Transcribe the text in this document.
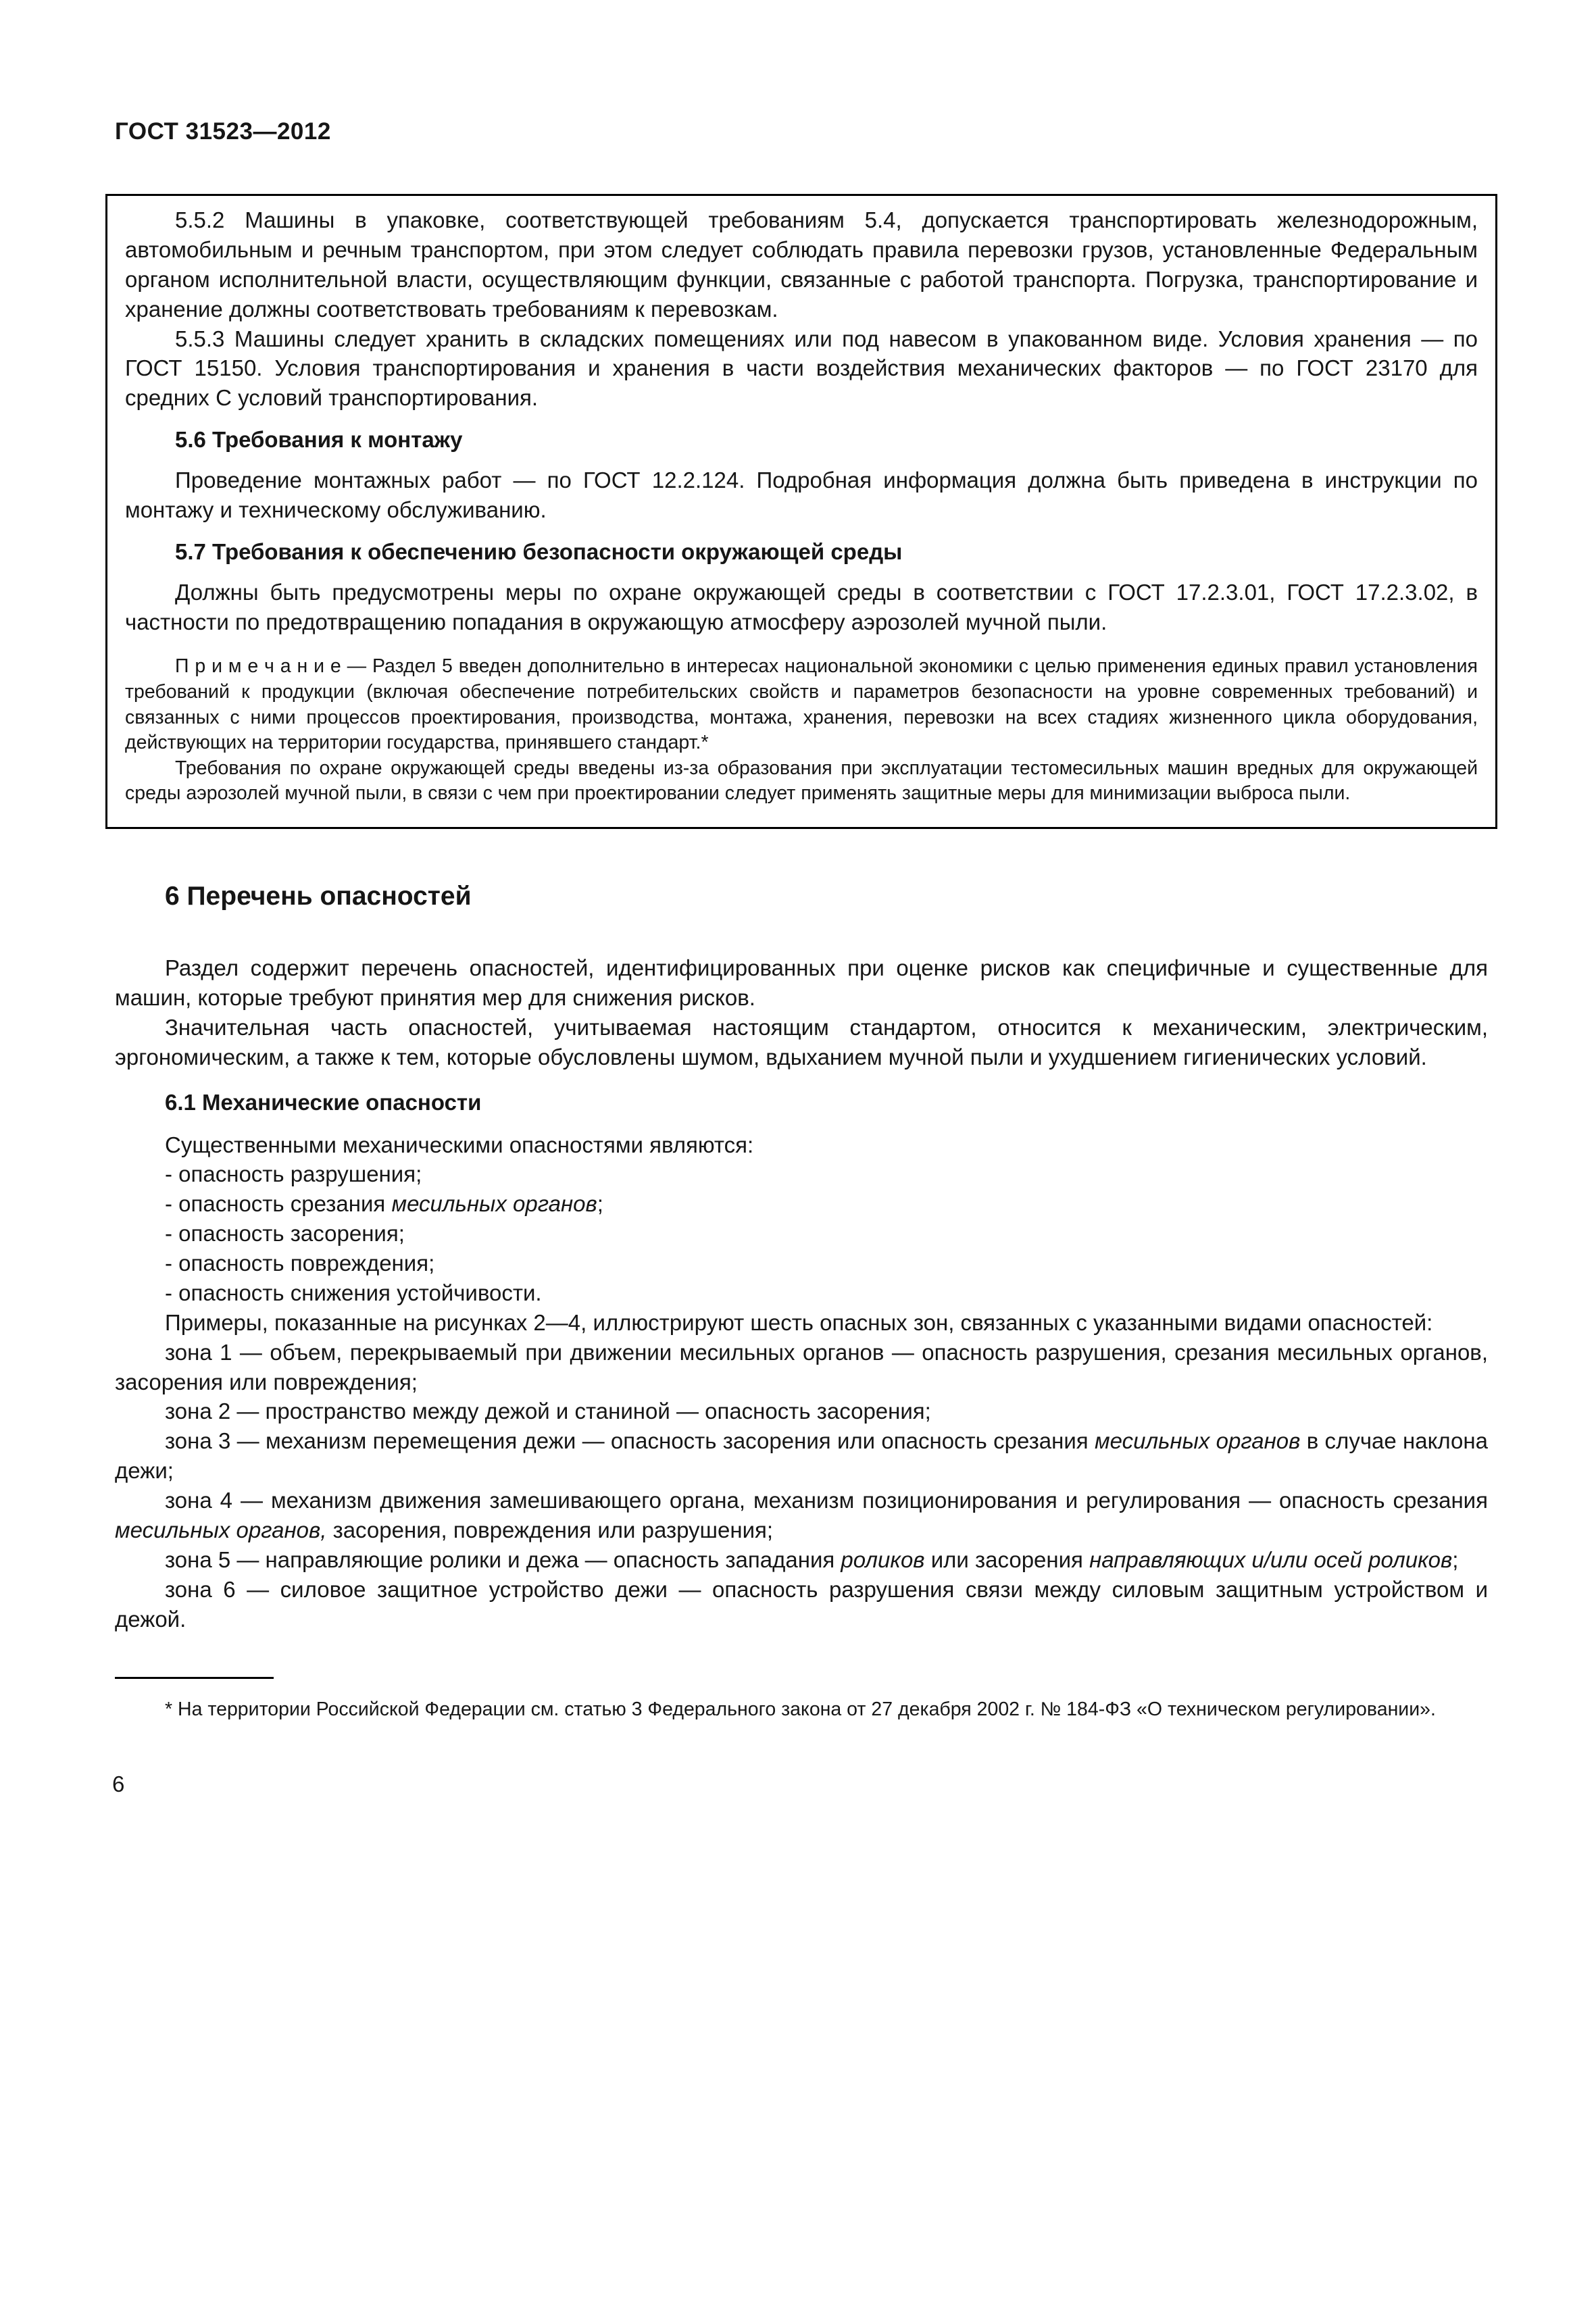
ГОСТ 31523—2012

5.5.2 Машины в упаковке, соответствующей требованиям 5.4, допускается транспортировать железнодорожным, автомобильным и речным транспортом, при этом следует соблюдать правила перевозки грузов, установленные Федеральным органом исполнительной власти, осуществляющим функции, связанные с работой транспорта. Погрузка, транспортирование и хранение должны соответствовать требованиям к перевозкам.

5.5.3 Машины следует хранить в складских помещениях или под навесом в упакованном виде. Условия хранения — по ГОСТ 15150. Условия транспортирования и хранения в части воздействия механических факторов — по ГОСТ 23170 для средних С условий транспортирования.

5.6 Требования к монтажу

Проведение монтажных работ — по ГОСТ 12.2.124. Подробная информация должна быть приведена в инструкции по монтажу и техническому обслуживанию.

5.7 Требования к обеспечению безопасности окружающей среды

Должны быть предусмотрены меры по охране окружающей среды в соответствии с ГОСТ 17.2.3.01, ГОСТ 17.2.3.02, в частности по предотвращению попадания в окружающую атмосферу аэрозолей мучной пыли.

П р и м е ч а н и е — Раздел 5 введен дополнительно в интересах национальной экономики с целью применения единых правил установления требований к продукции (включая обеспечение потребительских свойств и параметров безопасности на уровне современных требований) и связанных с ними процессов проектирования, производства, монтажа, хранения, перевозки на всех стадиях жизненного цикла оборудования, действующих на территории государства, принявшего стандарт.*

Требования по охране окружающей среды введены из-за образования при эксплуатации тестомесильных машин вредных для окружающей среды аэрозолей мучной пыли, в связи с чем при проектировании следует применять защитные меры для минимизации выброса пыли.

6 Перечень опасностей

Раздел содержит перечень опасностей, идентифицированных при оценке рисков как специфичные и существенные для машин, которые требуют принятия мер для снижения рисков.

Значительная часть опасностей, учитываемая настоящим стандартом, относится к механическим, электрическим, эргономическим, а также к тем, которые обусловлены шумом, вдыханием мучной пыли и ухудшением гигиенических условий.

6.1 Механические опасности

Существенными механическими опасностями являются:

- опасность разрушения;

- опасность срезания месильных органов;

- опасность засорения;

- опасность повреждения;

- опасность снижения устойчивости.

Примеры, показанные на рисунках 2—4, иллюстрируют шесть опасных зон, связанных с указанными видами опасностей:

зона 1 — объем, перекрываемый при движении месильных органов — опасность разрушения, срезания месильных органов, засорения или повреждения;

зона 2 — пространство между дежой и станиной — опасность засорения;

зона 3 — механизм перемещения дежи — опасность засорения или опасность срезания месильных органов в случае наклона дежи;

зона 4 — механизм движения замешивающего органа, механизм позиционирования и регулирования — опасность срезания месильных органов, засорения, повреждения или разрушения;

зона 5 — направляющие ролики и дежа — опасность западания роликов или засорения направляющих и/или осей роликов;

зона 6 — силовое защитное устройство дежи — опасность разрушения связи между силовым защитным устройством и дежой.

* На территории Российской Федерации см. статью 3 Федерального закона от 27 декабря 2002 г. № 184-ФЗ «О техническом регулировании».

6
